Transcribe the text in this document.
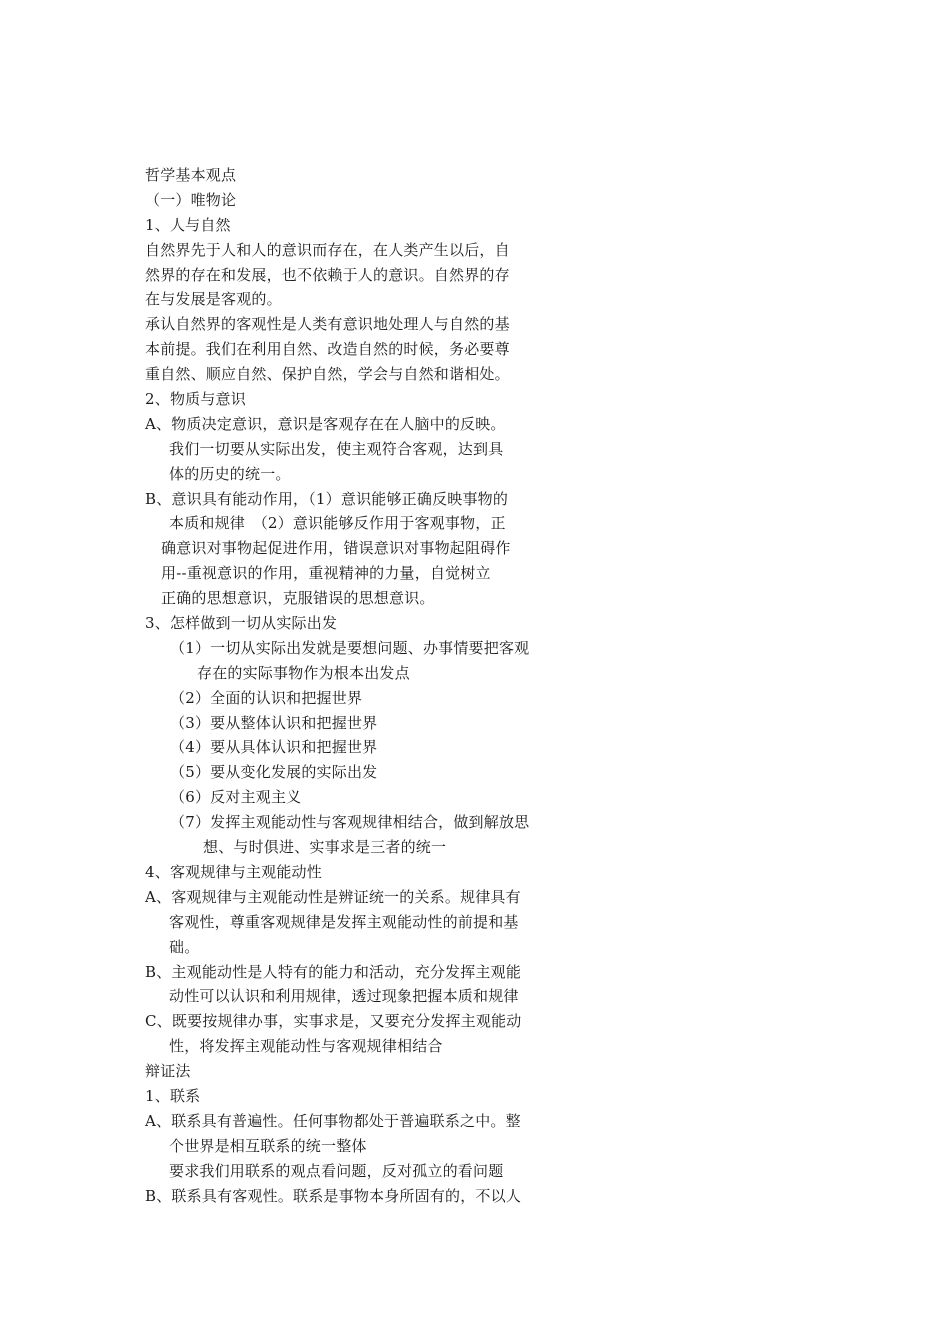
哲学基本观点
（一）唯物论
1、人与自然
自然界先于人和人的意识而存在，在人类产生以后，自
然界的存在和发展，也不依赖于人的意识。自然界的存
在与发展是客观的。
承认自然界的客观性是人类有意识地处理人与自然的基
本前提。我们在利用自然、改造自然的时候，务必要尊
重自然、顺应自然、保护自然，学会与自然和谐相处。
2、物质与意识
A、物质决定意识，意识是客观存在在人脑中的反映。
我们一切要从实际出发，使主观符合客观，达到具
体的历史的统一。
B、意识具有能动作用，（1）意识能够正确反映事物的
本质和规律　（2）意识能够反作用于客观事物，正
确意识对事物起促进作用，错误意识对事物起阻碍作
用--重视意识的作用，重视精神的力量，自觉树立
正确的思想意识，克服错误的思想意识。
3、怎样做到一切从实际出发
（1）一切从实际出发就是要想问题、办事情要把客观
存在的实际事物作为根本出发点
（2）全面的认识和把握世界
（3）要从整体认识和把握世界
（4）要从具体认识和把握世界
（5）要从变化发展的实际出发
（6）反对主观主义
（7）发挥主观能动性与客观规律相结合，做到解放思
想、与时俱进、实事求是三者的统一
4、客观规律与主观能动性
A、客观规律与主观能动性是辨证统一的关系。规律具有
客观性，尊重客观规律是发挥主观能动性的前提和基
础。
B、主观能动性是人特有的能力和活动，充分发挥主观能
动性可以认识和利用规律，透过现象把握本质和规律
C、既要按规律办事，实事求是，又要充分发挥主观能动
性，将发挥主观能动性与客观规律相结合
辩证法
1、联系
A、联系具有普遍性。任何事物都处于普遍联系之中。整
个世界是相互联系的统一整体
要求我们用联系的观点看问题，反对孤立的看问题
B、联系具有客观性。联系是事物本身所固有的，不以人
